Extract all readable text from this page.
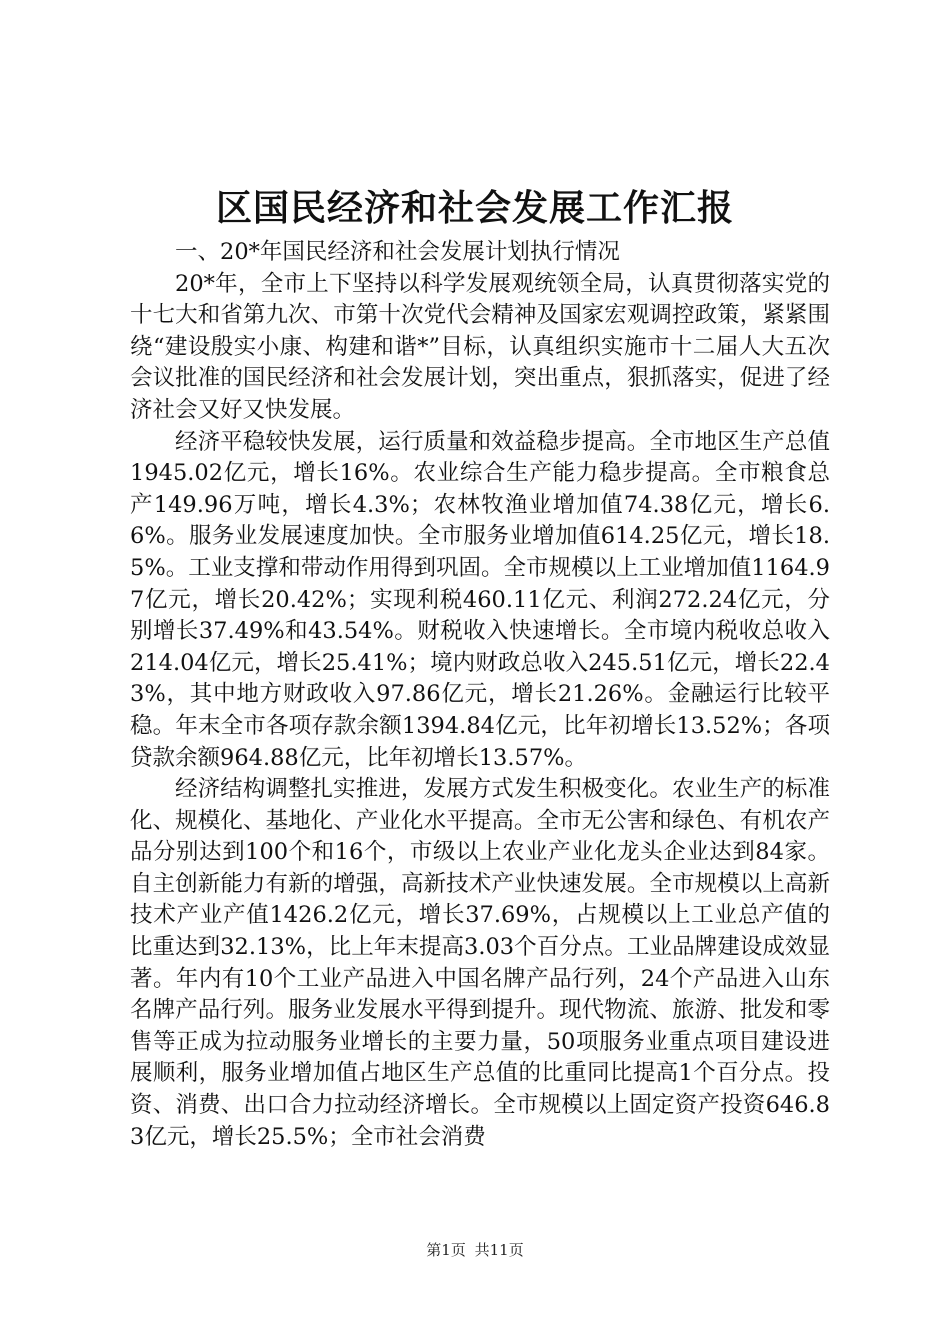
区国民经济和社会发展工作汇报

一、20*年国民经济和社会发展计划执行情况

20*年，全市上下坚持以科学发展观统领全局，认真贯彻落实党的十七大和省第九次、市第十次党代会精神及国家宏观调控政策，紧紧围绕“建设殷实小康、构建和谐*”目标，认真组织实施市十二届人大五次会议批准的国民经济和社会发展计划，突出重点，狠抓落实，促进了经济社会又好又快发展。

经济平稳较快发展，运行质量和效益稳步提高。全市地区生产总值1945.02亿元，增长16%。农业综合生产能力稳步提高。全市粮食总产149.96万吨，增长4.3%；农林牧渔业增加值74.38亿元，增长6.6%。服务业发展速度加快。全市服务业增加值614.25亿元，增长18.5%。工业支撑和带动作用得到巩固。全市规模以上工业增加值1164.97亿元，增长20.42%；实现利税460.11亿元、利润272.24亿元，分别增长37.49%和43.54%。财税收入快速增长。全市境内税收总收入214.04亿元，增长25.41%；境内财政总收入245.51亿元，增长22.43%，其中地方财政收入97.86亿元，增长21.26%。金融运行比较平稳。年末全市各项存款余额1394.84亿元，比年初增长13.52%；各项贷款余额964.88亿元，比年初增长13.57%。

经济结构调整扎实推进，发展方式发生积极变化。农业生产的标准化、规模化、基地化、产业化水平提高。全市无公害和绿色、有机农产品分别达到100个和16个，市级以上农业产业化龙头企业达到84家。自主创新能力有新的增强，高新技术产业快速发展。全市规模以上高新技术产业产值1426.2亿元，增长37.69%，占规模以上工业总产值的比重达到32.13%，比上年末提高3.03个百分点。工业品牌建设成效显著。年内有10个工业产品进入中国名牌产品行列，24个产品进入山东名牌产品行列。服务业发展水平得到提升。现代物流、旅游、批发和零售等正成为拉动服务业增长的主要力量，50项服务业重点项目建设进展顺利，服务业增加值占地区生产总值的比重同比提高1个百分点。投资、消费、出口合力拉动经济增长。全市规模以上固定资产投资646.83亿元，增长25.5%；全市社会消费

第1页 共11页
